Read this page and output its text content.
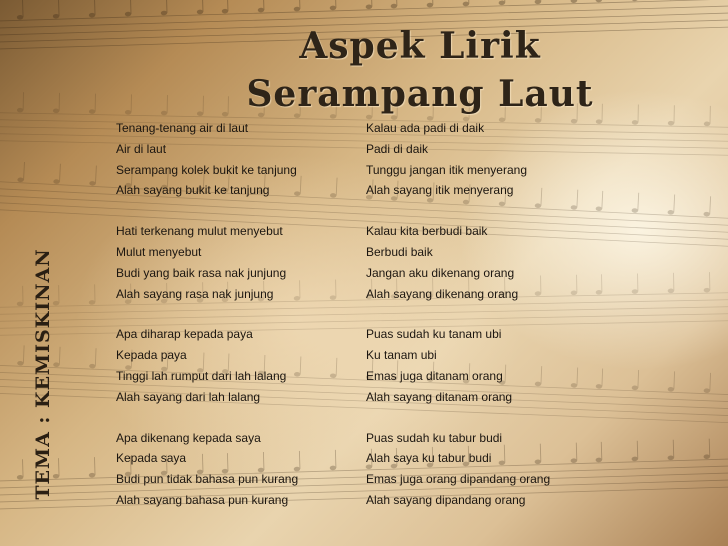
Aspek Lirik
Serampang Laut
TEMA : KEMISKINAN
Tenang-tenang air di laut
Air di laut
Serampang kolek bukit ke tanjung
Alah sayang bukit ke tanjung
Hati terkenang mulut menyebut
Mulut menyebut
Budi yang baik rasa nak junjung
Alah sayang rasa nak junjung
Apa diharap kepada paya
Kepada paya
Tinggi lah rumput dari lah lalang
Alah sayang dari lah lalang
Apa dikenang kepada saya
Kepada saya
Budi pun tidak bahasa pun kurang
Alah sayang bahasa pun kurang
Kalau ada padi di daik
Padi di daik
Tunggu jangan itik menyerang
Alah sayang itik menyerang
Kalau kita berbudi baik
Berbudi baik
Jangan aku dikenang orang
Alah sayang dikenang orang
Puas sudah ku tanam ubi
Ku tanam ubi
Emas juga ditanam orang
Alah sayang ditanam orang
Puas sudah ku tabur budi
Alah saya ku tabur budi
Emas juga orang dipandang orang
Alah sayang dipandang orang
